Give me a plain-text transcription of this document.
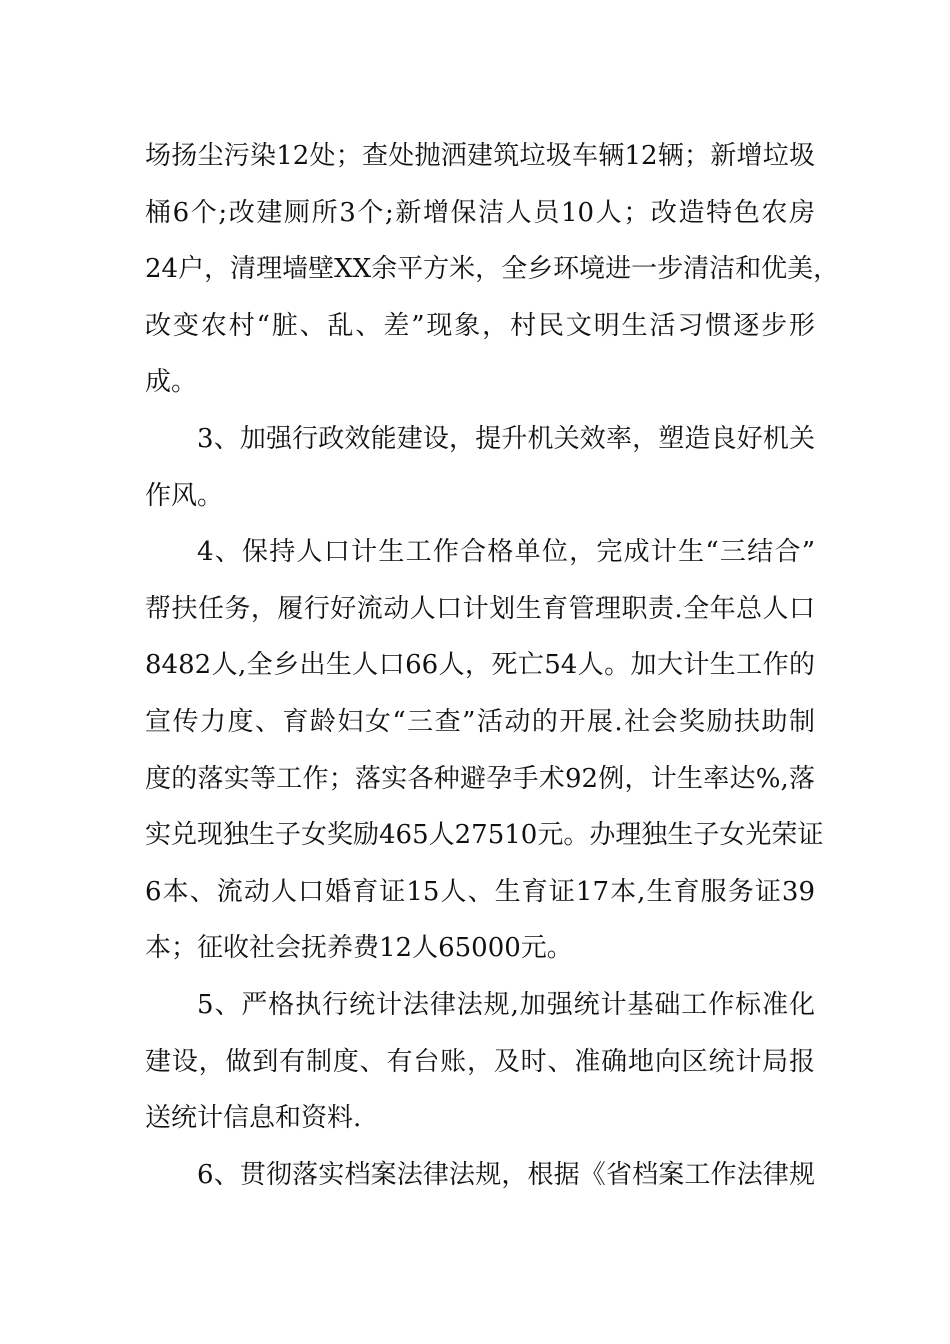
场扬尘污染12处；查处抛洒建筑垃圾车辆12辆；新增垃圾
桶6个;改建厕所3个;新增保洁人员10人；改造特色农房
24户，清理墙壁XX余平方米，全乡环境进一步清洁和优美，
改变农村“脏、乱、差”现象，村民文明生活习惯逐步形
成。
3、加强行政效能建设，提升机关效率，塑造良好机关
作风。
4、保持人口计生工作合格单位，完成计生“三结合”
帮扶任务，履行好流动人口计划生育管理职责.全年总人口
8482人,全乡出生人口66人，死亡54人。加大计生工作的
宣传力度、育龄妇女“三查”活动的开展.社会奖励扶助制
度的落实等工作；落实各种避孕手术92例，计生率达%,落
实兑现独生子女奖励465人27510元。办理独生子女光荣证
6本、流动人口婚育证15人、生育证17本,生育服务证39
本；征收社会抚养费12人65000元。
5、严格执行统计法律法规,加强统计基础工作标准化
建设，做到有制度、有台账，及时、准确地向区统计局报
送统计信息和资料.
6、贯彻落实档案法律法规，根据《省档案工作法律规
